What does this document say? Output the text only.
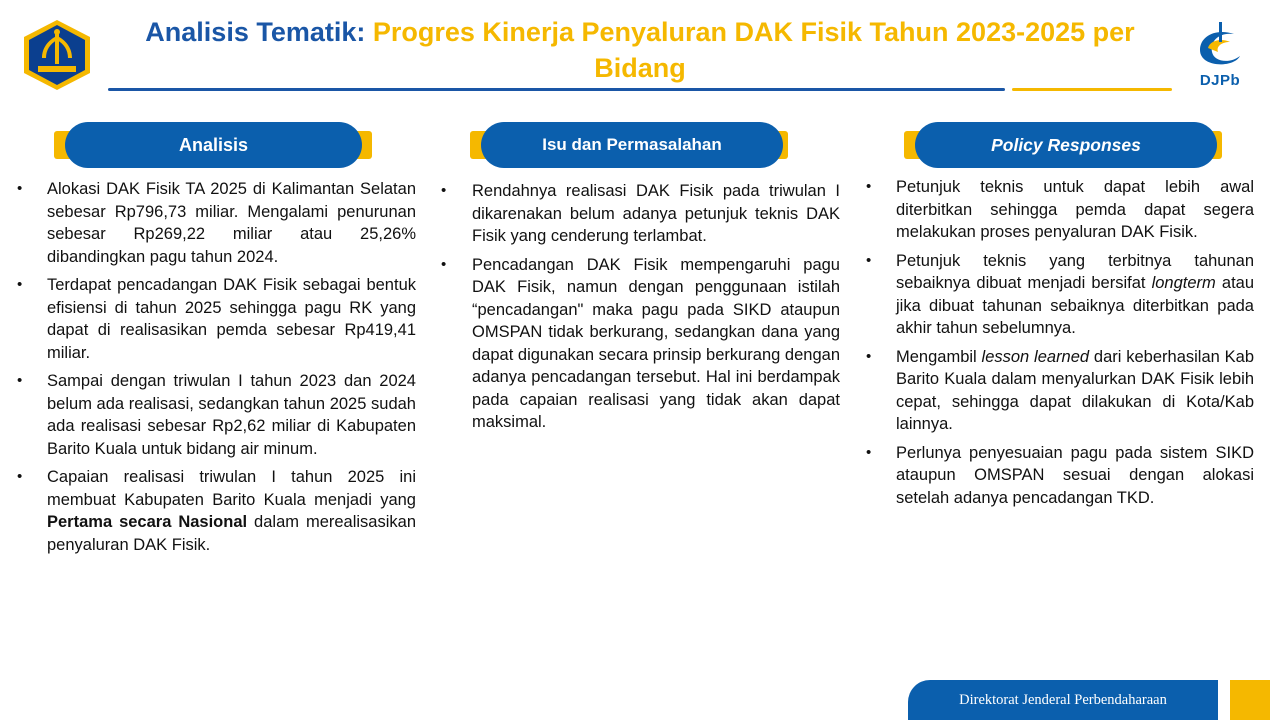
Analisis Tematik: Progres Kinerja Penyaluran DAK Fisik Tahun 2023-2025 per Bidang	DJPb
Analisis	Isu dan Permasalahan	Policy Responses
• Alokasi DAK Fisik TA 2025 di Kalimantan Selatan sebesar Rp796,73 miliar. Mengalami penurunan sebesar Rp269,22 miliar atau 25,26% dibandingkan pagu tahun 2024.
• Terdapat pencadangan DAK Fisik sebagai bentuk efisiensi di tahun 2025 sehingga pagu RK yang dapat di realisasikan pemda sebesar Rp419,41 miliar.
• Sampai dengan triwulan I tahun 2023 dan 2024 belum ada realisasi, sedangkan tahun 2025 sudah ada realisasi sebesar Rp2,62 miliar di Kabupaten Barito Kuala untuk bidang air minum.
• Capaian realisasi triwulan I tahun 2025 ini membuat Kabupaten Barito Kuala menjadi yang Pertama secara Nasional dalam merealisasikan penyaluran DAK Fisik.
• Rendahnya realisasi DAK Fisik pada triwulan I dikarenakan belum adanya petunjuk teknis DAK Fisik yang cenderung terlambat.
• Pencadangan DAK Fisik mempengaruhi pagu DAK Fisik, namun dengan penggunaan istilah “pencadangan" maka pagu pada SIKD ataupun OMSPAN tidak berkurang, sedangkan dana yang dapat digunakan secara prinsip berkurang dengan adanya pencadangan tersebut. Hal ini berdampak pada capaian realisasi yang tidak akan dapat maksimal.
• Petunjuk teknis untuk dapat lebih awal diterbitkan sehingga pemda dapat segera melakukan proses penyaluran DAK Fisik.
• Petunjuk teknis yang terbitnya tahunan sebaiknya dibuat menjadi bersifat longterm atau jika dibuat tahunan sebaiknya diterbitkan pada akhir tahun sebelumnya.
• Mengambil lesson learned dari keberhasilan Kab Barito Kuala dalam menyalurkan DAK Fisik lebih cepat, sehingga dapat dilakukan di Kota/Kab lainnya.
• Perlunya penyesuaian pagu pada sistem SIKD ataupun OMSPAN sesuai dengan alokasi setelah adanya pencadangan TKD.
Direktorat Jenderal Perbendaharaan
